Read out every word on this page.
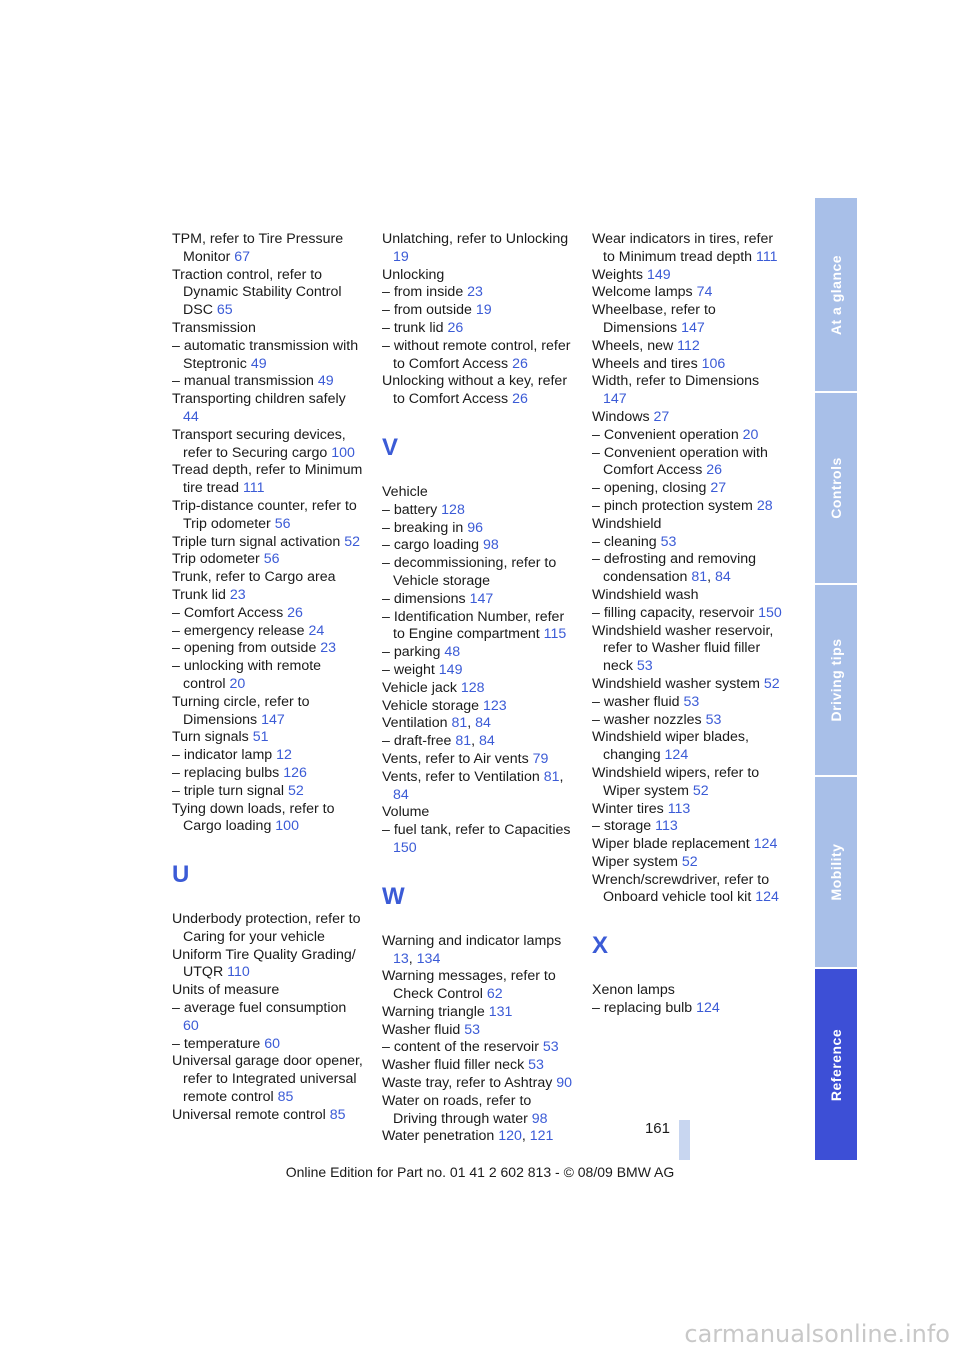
TPM, refer to Tire Pressure Monitor 67

Traction control, refer to Dynamic Stability Control DSC 65

Transmission

– automatic transmission with Steptronic 49

– manual transmission 49

Transporting children safely 44

Transport securing devices, refer to Securing cargo 100

Tread depth, refer to Minimum tire tread 111

Trip-distance counter, refer to Trip odometer 56

Triple turn signal activation 52

Trip odometer 56

Trunk, refer to Cargo area

Trunk lid 23

– Comfort Access 26

– emergency release 24

– opening from outside 23

– unlocking with remote control 20

Turning circle, refer to Dimensions 147

Turn signals 51

– indicator lamp 12

– replacing bulbs 126

– triple turn signal 52

Tying down loads, refer to Cargo loading 100

U

Underbody protection, refer to Caring for your vehicle

Uniform Tire Quality Grading/ UTQR 110

Units of measure

– average fuel consumption 60

– temperature 60

Universal garage door opener, refer to Integrated universal remote control 85

Universal remote control 85

Unlatching, refer to Unlocking 19

Unlocking

– from inside 23

– from outside 19

– trunk lid 26

– without remote control, refer to Comfort Access 26

Unlocking without a key, refer to Comfort Access 26

V

Vehicle

– battery 128

– breaking in 96

– cargo loading 98

– decommissioning, refer to Vehicle storage

– dimensions 147

– Identification Number, refer to Engine compartment 115

– parking 48

– weight 149

Vehicle jack 128

Vehicle storage 123

Ventilation 81, 84

– draft-free 81, 84

Vents, refer to Air vents 79

Vents, refer to Ventilation 81, 84

Volume

– fuel tank, refer to Capacities 150

W

Warning and indicator lamps 13, 134

Warning messages, refer to Check Control 62

Warning triangle 131

Washer fluid 53

– content of the reservoir 53

Washer fluid filler neck 53

Waste tray, refer to Ashtray 90

Water on roads, refer to Driving through water 98

Water penetration 120, 121

Wear indicators in tires, refer to Minimum tread depth 111

Weights 149

Welcome lamps 74

Wheelbase, refer to Dimensions 147

Wheels, new 112

Wheels and tires 106

Width, refer to Dimensions 147

Windows 27

– Convenient operation 20

– Convenient operation with Comfort Access 26

– opening, closing 27

– pinch protection system 28

Windshield

– cleaning 53

– defrosting and removing condensation 81, 84

Windshield wash

– filling capacity, reservoir 150

Windshield washer reservoir, refer to Washer fluid filler neck 53

Windshield washer system 52

– washer fluid 53

– washer nozzles 53

Windshield wiper blades, changing 124

Windshield wipers, refer to Wiper system 52

Winter tires 113

– storage 113

Wiper blade replacement 124

Wiper system 52

Wrench/screwdriver, refer to Onboard vehicle tool kit 124

X

Xenon lamps

– replacing bulb 124

At a glance
Controls
Driving tips
Mobility
Reference
161
Online Edition for Part no. 01 41 2 602 813 - © 08/09 BMW AG
carmanualsonline.info
